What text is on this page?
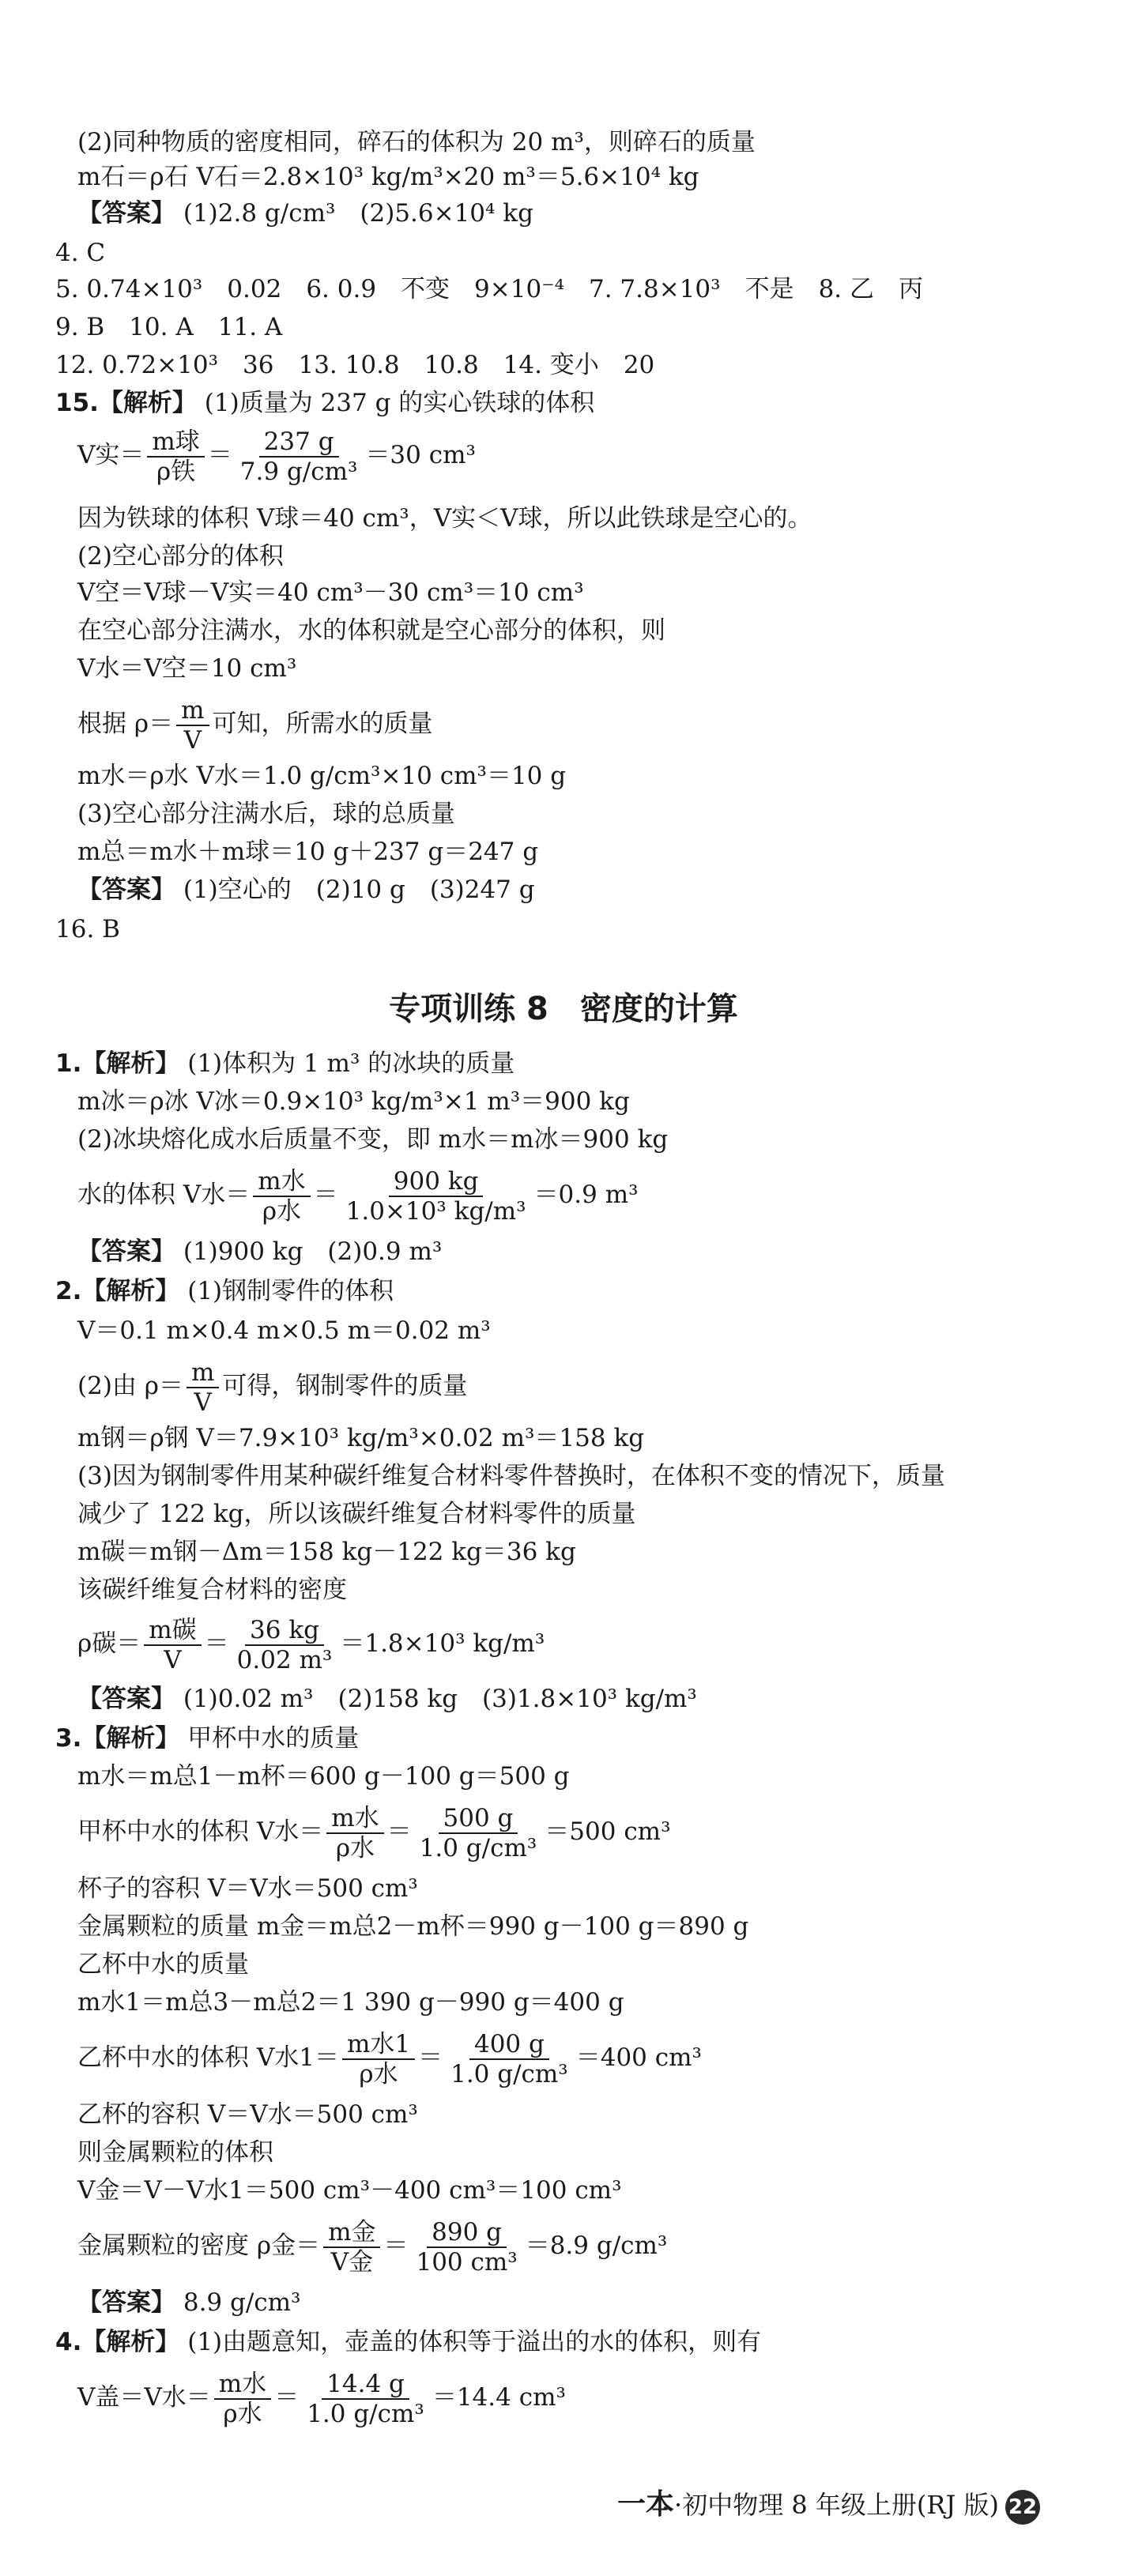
(2)同种物质的密度相同，碎石的体积为 20 m³，则碎石的质量
m石＝ρ石 V石＝2.8×10³ kg/m³×20 m³＝5.6×10⁴ kg
【答案】 (1)2.8 g/cm³　(2)5.6×10⁴ kg
4. C
5. 0.74×10³　0.02　6. 0.9　不变　9×10⁻⁴　7. 7.8×10³　不是　8. 乙　丙
9. B　10. A　11. A
12. 0.72×10³　36　13. 10.8　10.8　14. 变小　20
15.【解析】 (1)质量为 237 g 的实心铁球的体积
V实＝ $\frac{\text{m球}}{\text{ρ铁}} = \frac{237 g}{\text{7.9 g/cm³}} =30$ cm³
因为铁球的体积 V球＝40 cm³，V实＜V球，所以此铁球是空心的。
(2)空心部分的体积
V空＝V球－V实＝40 cm³－30 cm³＝10 cm³
在空心部分注满水，水的体积就是空心部分的体积，则
V水＝V空＝10 cm³
根据 $\rho= \frac{m}{V}$ 可知，所需水的质量
m水＝ρ水 V水＝1.0 g/cm³×10 cm³＝10 g
(3)空心部分注满水后，球的总质量
m总＝m水＋m球＝10 g＋237 g＝247 g
【答案】 (1)空心的　(2)10 g　(3)247 g
16. B
专项训练 8　密度的计算
1.【解析】 (1)体积为 1 m³ 的冰块的质量
m冰＝ρ冰 V冰＝0.9×10³ kg/m³×1 m³＝900 kg
(2)冰块熔化成水后质量不变，即 m水＝m冰＝900 kg
水的体积 V水＝ $\frac{\text{m水}}{\text{ρ水}} = \frac{900 kg}{\text{1.0×10³ kg/m³}} =0.9$ m³
【答案】 (1)900 kg　(2)0.9 m³
2.【解析】 (1)钢制零件的体积
V＝0.1 m×0.4 m×0.5 m＝0.02 m³
(2)由 $\rho= \frac{m}{V}$ 可得，钢制零件的质量
m钢＝ρ钢 V＝7.9×10³ kg/m³×0.02 m³＝158 kg
(3)因为钢制零件用某种碳纤维复合材料零件替换时，在体积不变的情况下，质量
减少了 122 kg，所以该碳纤维复合材料零件的质量
m碳＝m钢－Δm＝158 kg－122 kg＝36 kg
该碳纤维复合材料的密度
ρ碳＝ $\frac{\text{m碳}}{V} = \frac{36 kg}{\text{0.02 m³}} =1.8\times 10^3$ kg/m³
【答案】 (1)0.02 m³　(2)158 kg　(3)1.8×10³ kg/m³
3.【解析】 甲杯中水的质量
m水＝m总1－m杯＝600 g－100 g＝500 g
甲杯中水的体积 V水＝ $\frac{\text{m水}}{\text{ρ水}} = \frac{500 g}{\text{1.0 g/cm³}} =500$ cm³
杯子的容积 V＝V水＝500 cm³
金属颗粒的质量 m金＝m总2－m杯＝990 g－100 g＝890 g
乙杯中水的质量
m水1＝m总3－m总2＝1 390 g－990 g＝400 g
乙杯中水的体积 V水$1= \frac{\text{m水1}}{\text{ρ水}} = \frac{400 g}{\text{1.0 g/cm³}} =400$ cm³
乙杯的容积 V＝V水＝500 cm³
则金属颗粒的体积
V金＝V－V水1＝500 cm³－400 cm³＝100 cm³
金属颗粒的密度 ρ金＝ $\frac{\text{m金}}{\text{V金}} = \frac{890 g}{\text{100 cm³}} =8.9$ g/cm³
【答案】 8.9 g/cm³
4.【解析】 (1)由题意知，壶盖的体积等于溢出的水的体积，则有
V盖＝V水＝ $\frac{\text{m水}}{\text{ρ水}} = \frac{14.4 g}{\text{1.0 g/cm³}} =14.4$ cm³
一本·初中物理 8 年级上册(RJ 版) 22
